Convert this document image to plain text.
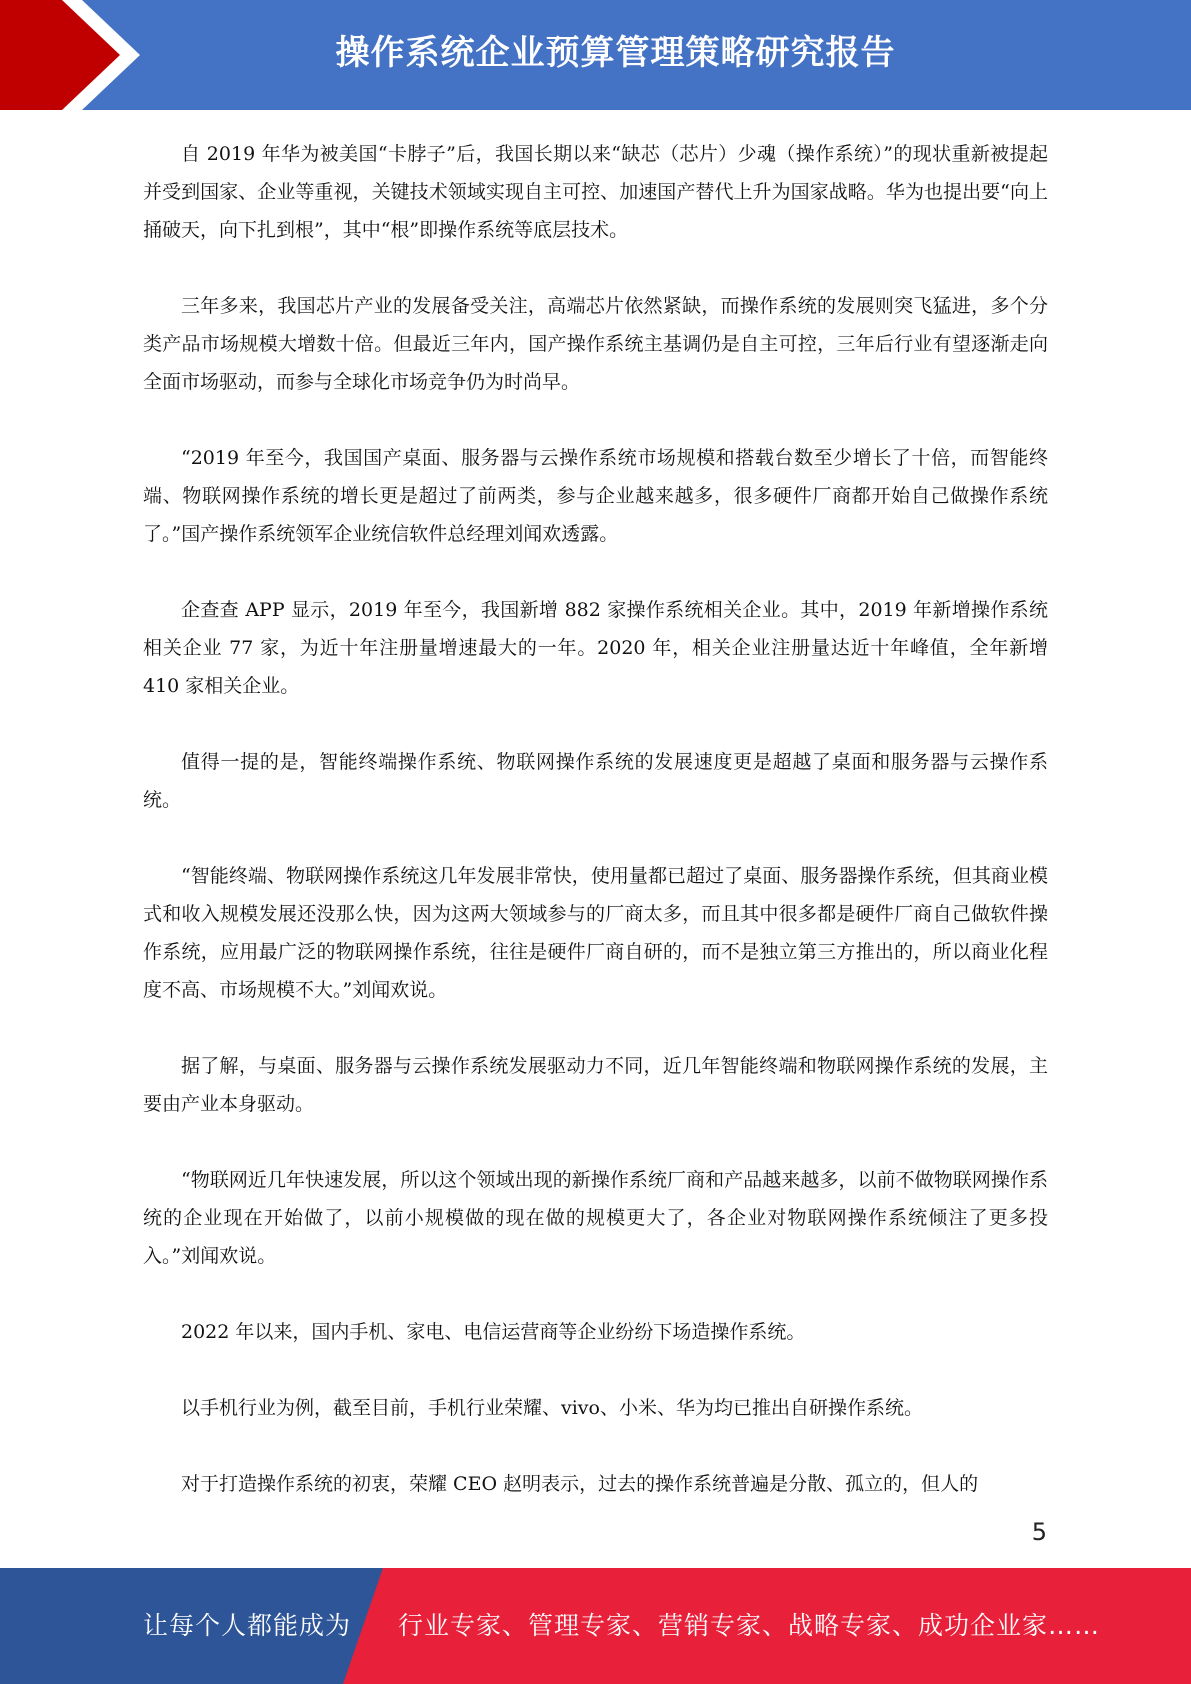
操作系统企业预算管理策略研究报告

自 2019 年华为被美国“卡脖子”后，我国长期以来“缺芯（芯片）少魂（操作系统）”的现状重新被提起并受到国家、企业等重视，关键技术领域实现自主可控、加速国产替代上升为国家战略。华为也提出要“向上捅破天，向下扎到根”，其中“根”即操作系统等底层技术。

三年多来，我国芯片产业的发展备受关注，高端芯片依然紧缺，而操作系统的发展则突飞猛进，多个分类产品市场规模大增数十倍。但最近三年内，国产操作系统主基调仍是自主可控，三年后行业有望逐渐走向全面市场驱动，而参与全球化市场竞争仍为时尚早。

“2019 年至今，我国国产桌面、服务器与云操作系统市场规模和搭载台数至少增长了十倍，而智能终端、物联网操作系统的增长更是超过了前两类，参与企业越来越多，很多硬件厂商都开始自己做操作系统了。”国产操作系统领军企业统信软件总经理刘闻欢透露。

企查查 APP 显示，2019 年至今，我国新增 882 家操作系统相关企业。其中，2019 年新增操作系统相关企业 77 家，为近十年注册量增速最大的一年。2020 年，相关企业注册量达近十年峰值，全年新增 410 家相关企业。

值得一提的是，智能终端操作系统、物联网操作系统的发展速度更是超越了桌面和服务器与云操作系统。

“智能终端、物联网操作系统这几年发展非常快，使用量都已超过了桌面、服务器操作系统，但其商业模式和收入规模发展还没那么快，因为这两大领域参与的厂商太多，而且其中很多都是硬件厂商自己做软件操作系统，应用最广泛的物联网操作系统，往往是硬件厂商自研的，而不是独立第三方推出的，所以商业化程度不高、市场规模不大。”刘闻欢说。

据了解，与桌面、服务器与云操作系统发展驱动力不同，近几年智能终端和物联网操作系统的发展，主要由产业本身驱动。

“物联网近几年快速发展，所以这个领域出现的新操作系统厂商和产品越来越多，以前不做物联网操作系统的企业现在开始做了，以前小规模做的现在做的规模更大了，各企业对物联网操作系统倾注了更多投入。”刘闻欢说。

2022 年以来，国内手机、家电、电信运营商等企业纷纷下场造操作系统。

以手机行业为例，截至目前，手机行业荣耀、vivo、小米、华为均已推出自研操作系统。

对于打造操作系统的初衷，荣耀 CEO 赵明表示，过去的操作系统普遍是分散、孤立的，但人的

5
让每个人都能成为 行业专家、管理专家、营销专家、战略专家、成功企业家……
